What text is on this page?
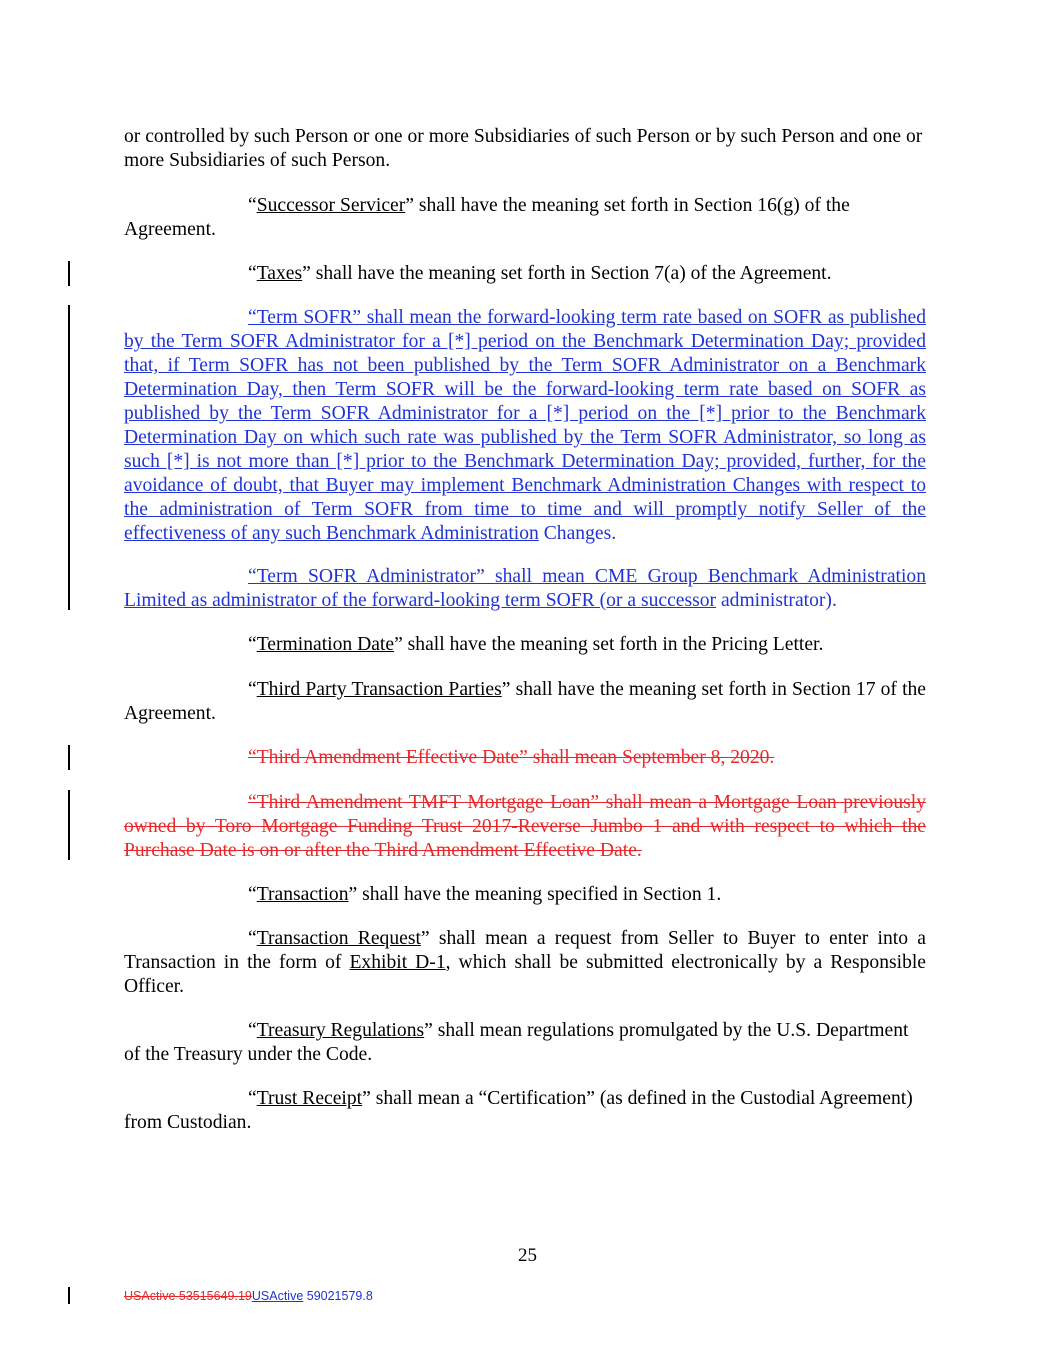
or controlled by such Person or one or more Subsidiaries of such Person or by such Person and one or more Subsidiaries of such Person.

“Successor Servicer” shall have the meaning set forth in Section 16(g) of the Agreement.

“Taxes” shall have the meaning set forth in Section 7(a) of the Agreement.

“Term SOFR” shall mean the forward-looking term rate based on SOFR as published by the Term SOFR Administrator for a [*] period on the Benchmark Determination Day; provided that, if Term SOFR has not been published by the Term SOFR Administrator on a Benchmark Determination Day, then Term SOFR will be the forward-looking term rate based on SOFR as published by the Term SOFR Administrator for a [*] period on the [*] prior to the Benchmark Determination Day on which such rate was published by the Term SOFR Administrator, so long as such [*] is not more than [*] prior to the Benchmark Determination Day; provided, further, for the avoidance of doubt, that Buyer may implement Benchmark Administration Changes with respect to the administration of Term SOFR from time to time and will promptly notify Seller of the effectiveness of any such Benchmark Administration Changes.

“Term SOFR Administrator” shall mean CME Group Benchmark Administration Limited as administrator of the forward-looking term SOFR (or a successor administrator).

“Termination Date” shall have the meaning set forth in the Pricing Letter.

“Third Party Transaction Parties” shall have the meaning set forth in Section 17 of the Agreement.

“Third Amendment Effective Date” shall mean September 8, 2020.

“Third Amendment TMFT Mortgage Loan” shall mean a Mortgage Loan previously owned by Toro Mortgage Funding Trust 2017-Reverse Jumbo 1 and with respect to which the Purchase Date is on or after the Third Amendment Effective Date.

“Transaction” shall have the meaning specified in Section 1.

“Transaction Request” shall mean a request from Seller to Buyer to enter into a Transaction in the form of Exhibit D-1, which shall be submitted electronically by a Responsible Officer.

“Treasury Regulations” shall mean regulations promulgated by the U.S. Department of the Treasury under the Code.

“Trust Receipt” shall mean a “Certification” (as defined in the Custodial Agreement) from Custodian.

25
USActive 53515649.19USActive 59021579.8
